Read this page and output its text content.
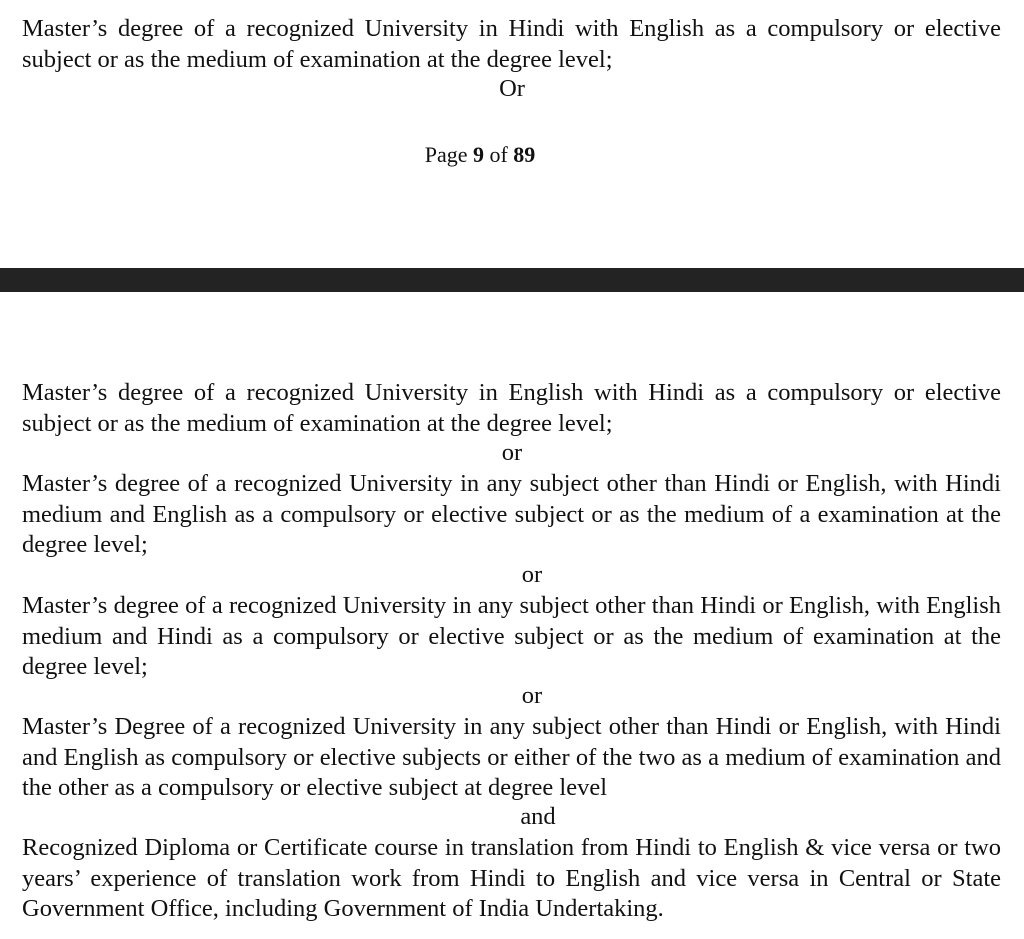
Master’s degree of a recognized University in Hindi with English as a compulsory or elective subject or as the medium of examination at the degree level;

Or

Page 9 of 89

Master’s degree of a recognized University in English with Hindi as a compulsory or elective subject or as the medium of examination at the degree level;

or

Master’s degree of a recognized University in any subject other than Hindi or English, with Hindi medium and English as a compulsory or elective subject or as the medium of a examination at the degree level;

or

Master’s degree of a recognized University in any subject other than Hindi or English, with English medium and Hindi as a compulsory or elective subject or as the medium of examination at the degree level;

or

Master’s Degree of a recognized University in any subject other than Hindi or English, with Hindi and English as compulsory or elective subjects or either of the two as a medium of examination and the other as a compulsory or elective subject at degree level

and

Recognized Diploma or Certificate course in translation from Hindi to English & vice versa or two years’ experience of translation work from Hindi to English and vice versa in Central or State Government Office, including Government of India Undertaking.
